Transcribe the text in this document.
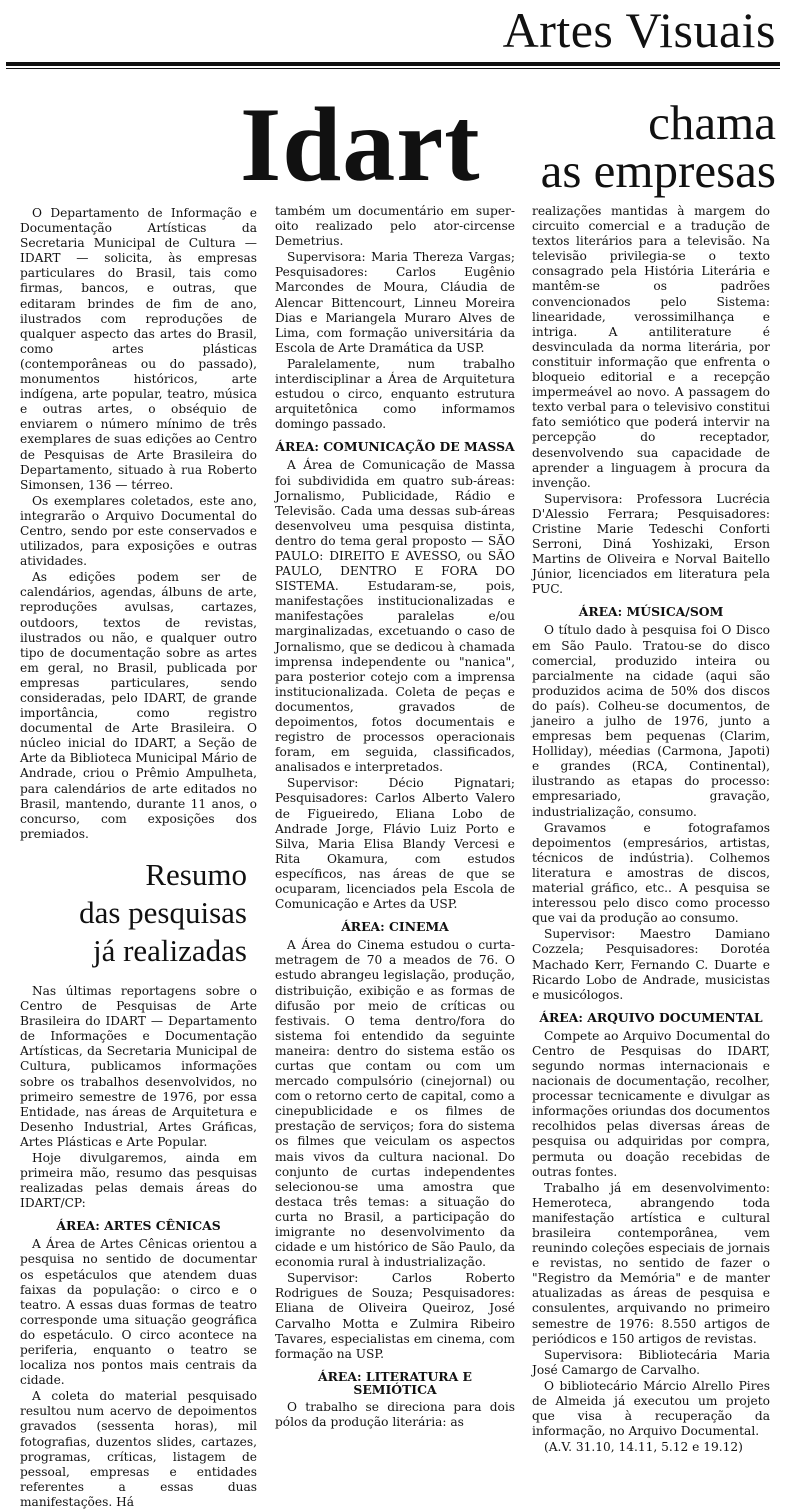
Artes Visuais
Idart	chama
as empresas

O Departamento de Informação e Documentação Artísticas da Secretaria Municipal de Cultura — IDART — solicita, às empresas particulares do Brasil, tais como firmas, bancos, e outras, que editaram brindes de fim de ano, ilustrados com reproduções de qualquer aspecto das artes do Brasil, como artes plásticas (contemporâneas ou do passado), monumentos históricos, arte indígena, arte popular, teatro, música e outras artes, o obséquio de enviarem o número mínimo de três exemplares de suas edições ao Centro de Pesquisas de Arte Brasileira do Departamento, situado à rua Roberto Simonsen, 136 — térreo.

Os exemplares coletados, este ano, integrarão o Arquivo Documental do Centro, sendo por este conservados e utilizados, para exposições e outras atividades.

As edições podem ser de calendários, agendas, álbuns de arte, reproduções avulsas, cartazes, outdoors, textos de revistas, ilustrados ou não, e qualquer outro tipo de documentação sobre as artes em geral, no Brasil, publicada por empresas particulares, sendo consideradas, pelo IDART, de grande importância, como registro documental de Arte Brasileira. O núcleo inicial do IDART, a Seção de Arte da Biblioteca Municipal Mário de Andrade, criou o Prêmio Ampulheta, para calendários de arte editados no Brasil, mantendo, durante 11 anos, o concurso, com exposições dos premiados.

Resumo
das pesquisas
já realizadas

Nas últimas reportagens sobre o Centro de Pesquisas de Arte Brasileira do IDART — Departamento de Informações e Documentação Artísticas, da Secretaria Municipal de Cultura, publicamos informações sobre os trabalhos desenvolvidos, no primeiro semestre de 1976, por essa Entidade, nas áreas de Arquitetura e Desenho Industrial, Artes Gráficas, Artes Plásticas e Arte Popular.

Hoje divulgaremos, ainda em primeira mão, resumo das pesquisas realizadas pelas demais áreas do IDART/CP:

ÁREA: ARTES CÊNICAS

A Área de Artes Cênicas orientou a pesquisa no sentido de documentar os espetáculos que atendem duas faixas da população: o circo e o teatro. A essas duas formas de teatro corresponde uma situação geográfica do espetáculo. O circo acontece na periferia, enquanto o teatro se localiza nos pontos mais centrais da cidade.

A coleta do material pesquisado resultou num acervo de depoimentos gravados (sessenta horas), mil fotografias, duzentos slides, cartazes, programas, críticas, listagem de pessoal, empresas e entidades referentes a essas duas manifestações. Há

também um documentário em super-oito realizado pelo ator-circense Demetrius.

Supervisora: Maria Thereza Vargas; Pesquisadores: Carlos Eugênio Marcondes de Moura, Cláudia de Alencar Bittencourt, Linneu Moreira Dias e Mariangela Muraro Alves de Lima, com formação universitária da Escola de Arte Dramática da USP.

Paralelamente, num trabalho interdisciplinar a Área de Arquitetura estudou o circo, enquanto estrutura arquitetônica como informamos domingo passado.

ÁREA: COMUNICAÇÃO DE MASSA

A Área de Comunicação de Massa foi subdividida em quatro sub-áreas: Jornalismo, Publicidade, Rádio e Televisão. Cada uma dessas sub-áreas desenvolveu uma pesquisa distinta, dentro do tema geral proposto — SÃO PAULO: DIREITO E AVESSO, ou SÃO PAULO, DENTRO E FORA DO SISTEMA. Estudaram-se, pois, manifestações institucionalizadas e manifestações paralelas e/ou marginalizadas, excetuando o caso de Jornalismo, que se dedicou à chamada imprensa independente ou "nanica", para posterior cotejo com a imprensa institucionalizada. Coleta de peças e documentos, gravados de depoimentos, fotos documentais e registro de processos operacionais foram, em seguida, classificados, analisados e interpretados.

Supervisor: Décio Pignatari; Pesquisadores: Carlos Alberto Valero de Figueiredo, Eliana Lobo de Andrade Jorge, Flávio Luiz Porto e Silva, Maria Elisa Blandy Vercesi e Rita Okamura, com estudos específicos, nas áreas de que se ocuparam, licenciados pela Escola de Comunicação e Artes da USP.

ÁREA: CINEMA

A Área do Cinema estudou o curta-metragem de 70 a meados de 76. O estudo abrangeu legislação, produção, distribuição, exibição e as formas de difusão por meio de críticas ou festivais. O tema dentro/fora do sistema foi entendido da seguinte maneira: dentro do sistema estão os curtas que contam ou com um mercado compulsório (cinejornal) ou com o retorno certo de capital, como a cinepublicidade e os filmes de prestação de serviços; fora do sistema os filmes que veiculam os aspectos mais vivos da cultura nacional. Do conjunto de curtas independentes selecionou-se uma amostra que destaca três temas: a situação do curta no Brasil, a participação do imigrante no desenvolvimento da cidade e um histórico de São Paulo, da economia rural à industrialização.

Supervisor: Carlos Roberto Rodrigues de Souza; Pesquisadores: Eliana de Oliveira Queiroz, José Carvalho Motta e Zulmira Ribeiro Tavares, especialistas em cinema, com formação na USP.

ÁREA: LITERATURA E
SEMIÓTICA

O trabalho se direciona para dois pólos da produção literária: as

realizações mantidas à margem do circuito comercial e a tradução de textos literários para a televisão. Na televisão privilegia-se o texto consagrado pela História Literária e mantêm-se os padrões convencionados pelo Sistema: linearidade, verossimilhança e intriga. A antiliterature é desvinculada da norma literária, por constituir informação que enfrenta o bloqueio editorial e a recepção impermeável ao novo. A passagem do texto verbal para o televisivo constitui fato semiótico que poderá intervir na percepção do receptador, desenvolvendo sua capacidade de aprender a linguagem à procura da invenção.

Supervisora: Professora Lucrécia D'Alessio Ferrara; Pesquisadores: Cristine Marie Tedeschi Conforti Serroni, Diná Yoshizaki, Erson Martins de Oliveira e Norval Baitello Júnior, licenciados em literatura pela PUC.

ÁREA: MÚSICA/SOM

O título dado à pesquisa foi O Disco em São Paulo. Tratou-se do disco comercial, produzido inteira ou parcialmente na cidade (aqui são produzidos acima de 50% dos discos do país). Colheu-se documentos, de janeiro a julho de 1976, junto a empresas bem pequenas (Clarim, Holliday), méedias (Carmona, Japoti) e grandes (RCA, Continental), ilustrando as etapas do processo: empresariado, gravação, industrialização, consumo.

Gravamos e fotografamos depoimentos (empresários, artistas, técnicos de indústria). Colhemos literatura e amostras de discos, material gráfico, etc.. A pesquisa se interessou pelo disco como processo que vai da produção ao consumo.

Supervisor: Maestro Damiano Cozzela; Pesquisadores: Dorotéa Machado Kerr, Fernando C. Duarte e Ricardo Lobo de Andrade, musicistas e musicólogos.

ÁREA: ARQUIVO DOCUMENTAL

Compete ao Arquivo Documental do Centro de Pesquisas do IDART, segundo normas internacionais e nacionais de documentação, recolher, processar tecnicamente e divulgar as informações oriundas dos documentos recolhidos pelas diversas áreas de pesquisa ou adquiridas por compra, permuta ou doação recebidas de outras fontes.

Trabalho já em desenvolvimento: Hemeroteca, abrangendo toda manifestação artística e cultural brasileira contemporânea, vem reunindo coleções especiais de jornais e revistas, no sentido de fazer o "Registro da Memória" e de manter atualizadas as áreas de pesquisa e consulentes, arquivando no primeiro semestre de 1976: 8.550 artigos de periódicos e 150 artigos de revistas.

Supervisora: Bibliotecária Maria José Camargo de Carvalho.

O bibliotecário Márcio Alrello Pires de Almeida já executou um projeto que visa à recuperação da informação, no Arquivo Documental.

(A.V. 31.10, 14.11, 5.12 e 19.12)
